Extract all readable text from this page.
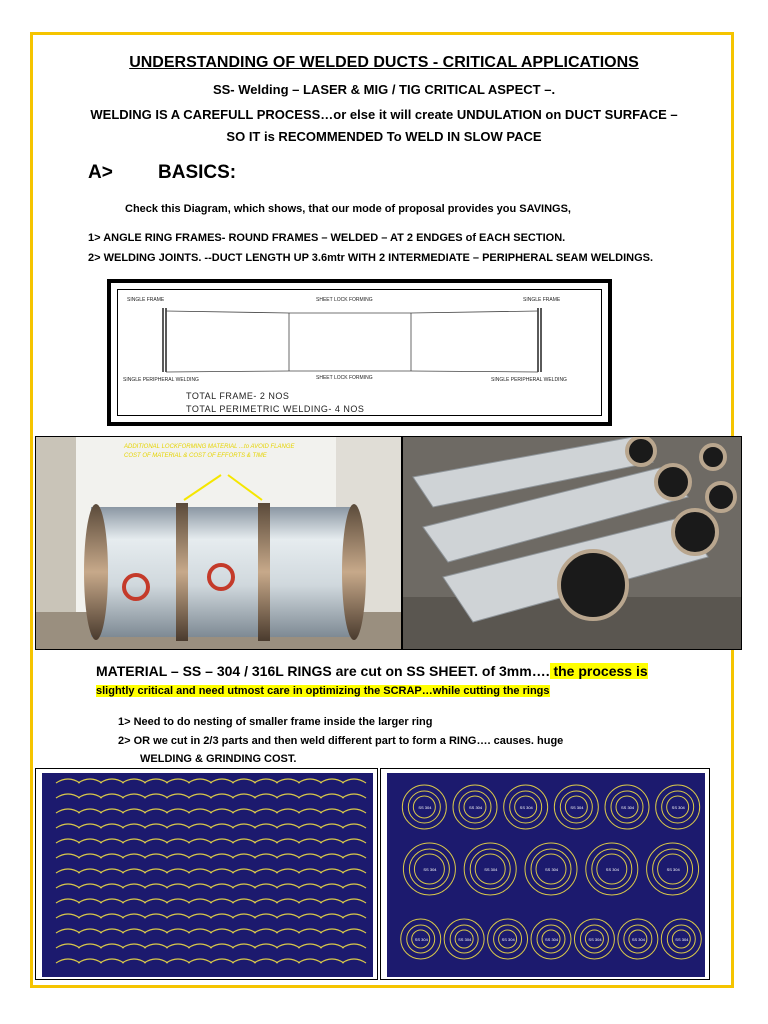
UNDERSTANDING OF WELDED DUCTS - CRITICAL APPLICATIONS
SS- Welding – LASER & MIG / TIG CRITICAL ASPECT –.
WELDING IS A CAREFULL PROCESS…or else it will create UNDULATION on DUCT SURFACE –
SO IT is RECOMMENDED To WELD IN SLOW PACE
A> BASICS:
Check this Diagram, which shows, that our mode of proposal provides you SAVINGS,
1> ANGLE RING FRAMES- ROUND FRAMES – WELDED – AT 2 ENDGES of EACH SECTION.
2> WELDING JOINTS. --DUCT LENGTH UP 3.6mtr WITH 2 INTERMEDIATE – PERIPHERAL SEAM WELDINGS.
SINGLE FRAME	SHEET LOCK FORMING	SINGLE FRAME
SINGLE PERIPHERAL WELDING	SHEET LOCK FORMING	SINGLE PERIPHERAL WELDING
TOTAL FRAME- 2 NOS
TOTAL PERIMETRIC WELDING- 4 NOS
ADDITIONAL LOCKFORMING MATERIAL ...to AVOID FLANGE
COST OF MATERIAL & COST OF EFFORTS & TIME
MATERIAL – SS – 304 / 316L RINGS are cut on SS SHEET. of 3mm…. the process is
slightly critical and need utmost care in optimizing the SCRAP…while cutting the rings
1> Need to do nesting of smaller frame inside the larger ring
2> OR we cut in 2/3 parts and then weld different part to form a RING…. causes. huge
WELDING & GRINDING COST.
SS 304	SS 304	SS 304	SS 304	SS 304	SS 304
SS 304	SS 304	SS 304	SS 304	SS 304
SS 304	SS 304	SS 304	SS 304	SS 304	SS 304	SS 304
